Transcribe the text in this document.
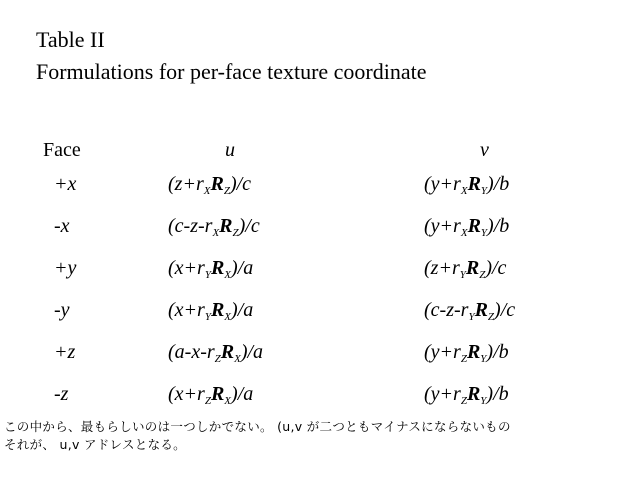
Table II
Formulations for per-face texture coordinate
Face	u	v
+x	$(z+r_XR_Z)/c$	$(y+r_XR_Y)/b$
-x	$(c-z-r_XR_Z)/c$	$(y+r_XR_Y)/b$
+y	$(x+r_YR_X)/a$	$(z+r_YR_Z)/c$
-y	$(x+r_YR_X)/a$	$(c-z-r_YR_Z)/c$
+z	$(a-x-r_ZR_X)/a$	$(y+r_ZR_Y)/b$
-z	$(x+r_ZR_X)/a$	$(y+r_ZR_Y)/b$
この中から、最もらしいのは一つしかでない。 (u,v が二つともマイナスにならないもの
それが、 u,v アドレスとなる。
